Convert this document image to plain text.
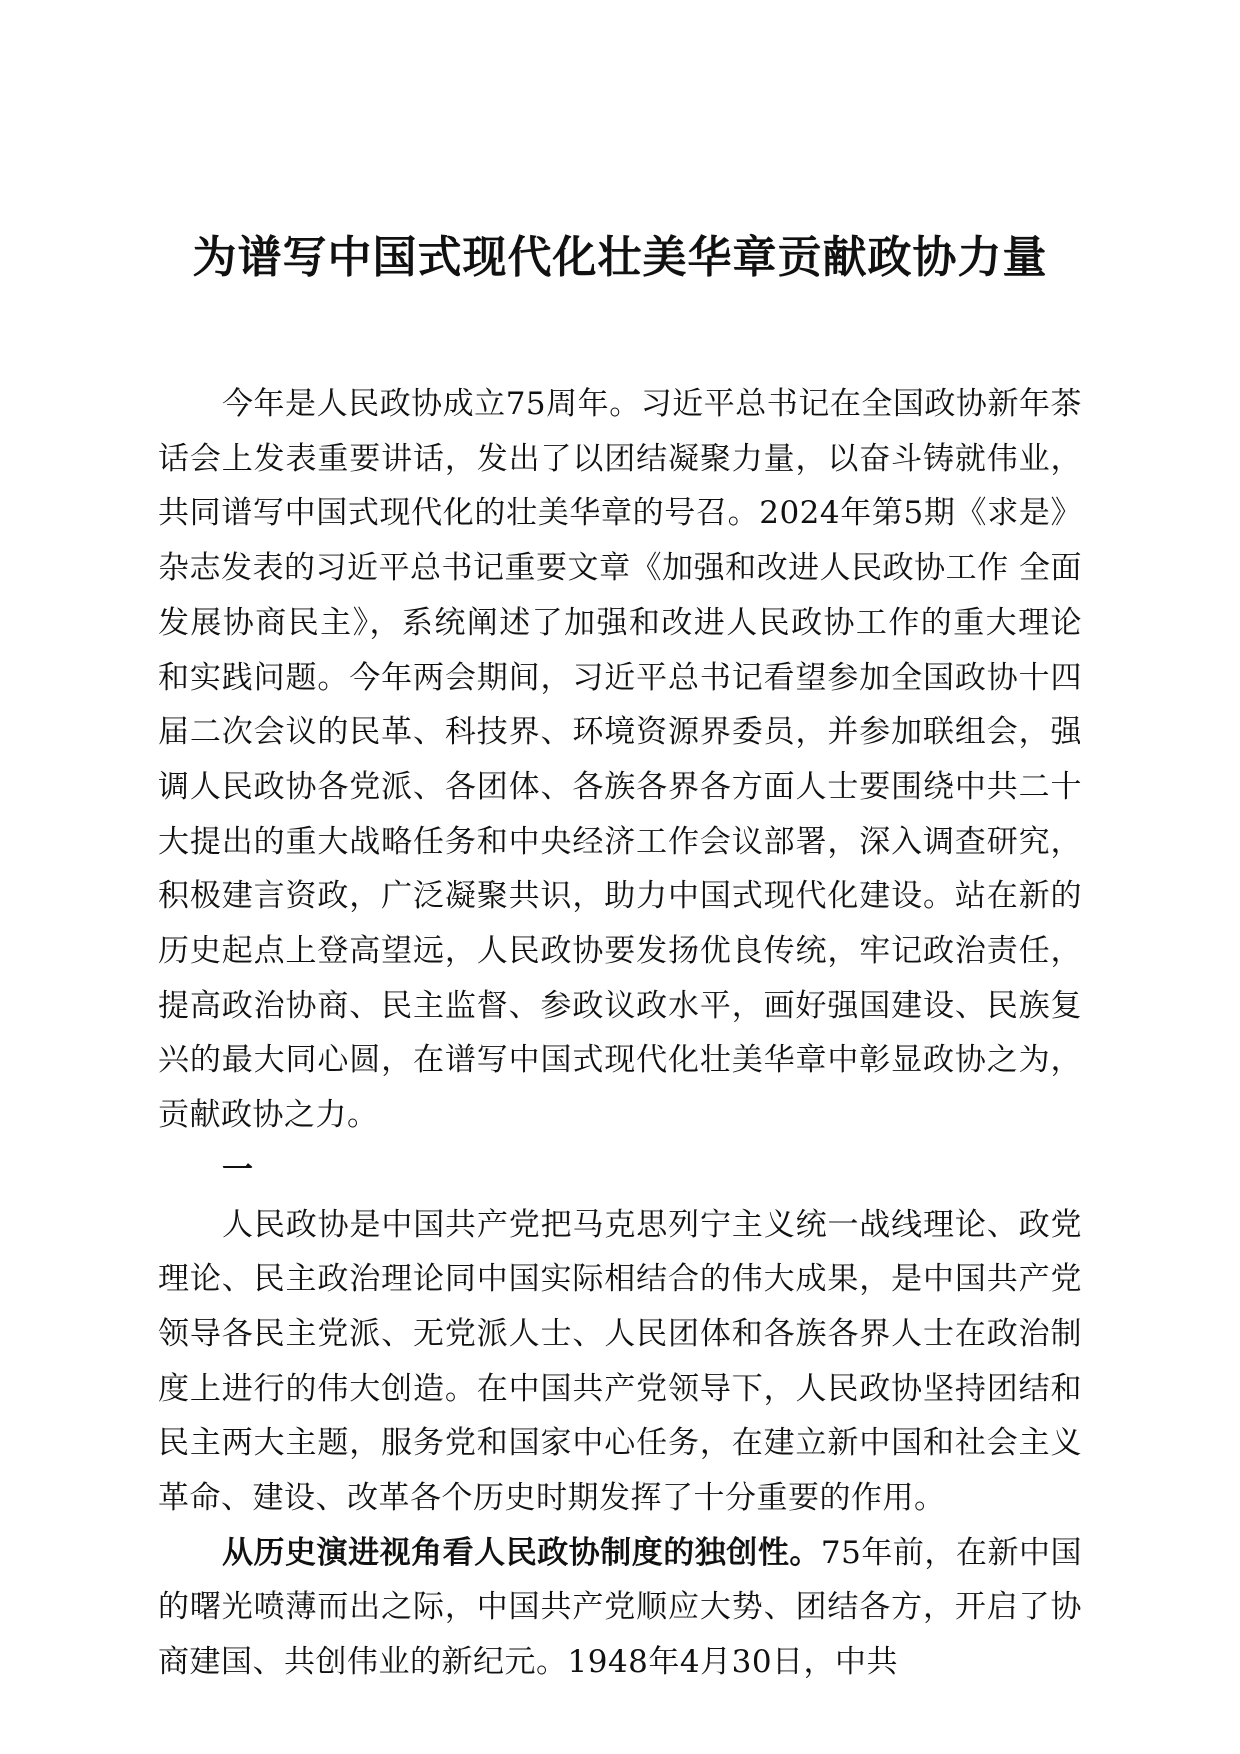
为谱写中国式现代化壮美华章贡献政协力量

今年是人民政协成立75周年。习近平总书记在全国政协新年茶话会上发表重要讲话，发出了以团结凝聚力量，以奋斗铸就伟业，共同谱写中国式现代化的壮美华章的号召。2024年第5期《求是》杂志发表的习近平总书记重要文章《加强和改进人民政协工作 全面发展协商民主》，系统阐述了加强和改进人民政协工作的重大理论和实践问题。今年两会期间，习近平总书记看望参加全国政协十四届二次会议的民革、科技界、环境资源界委员，并参加联组会，强调人民政协各党派、各团体、各族各界各方面人士要围绕中共二十大提出的重大战略任务和中央经济工作会议部署，深入调查研究，积极建言资政，广泛凝聚共识，助力中国式现代化建设。站在新的历史起点上登高望远，人民政协要发扬优良传统，牢记政治责任，提高政治协商、民主监督、参政议政水平，画好强国建设、民族复兴的最大同心圆，在谱写中国式现代化壮美华章中彰显政协之为，贡献政协之力。

一

人民政协是中国共产党把马克思列宁主义统一战线理论、政党理论、民主政治理论同中国实际相结合的伟大成果，是中国共产党领导各民主党派、无党派人士、人民团体和各族各界人士在政治制度上进行的伟大创造。在中国共产党领导下，人民政协坚持团结和民主两大主题，服务党和国家中心任务，在建立新中国和社会主义革命、建设、改革各个历史时期发挥了十分重要的作用。

从历史演进视角看人民政协制度的独创性。75年前，在新中国的曙光喷薄而出之际，中国共产党顺应大势、团结各方，开启了协商建国、共创伟业的新纪元。1948年4月30日，中共
